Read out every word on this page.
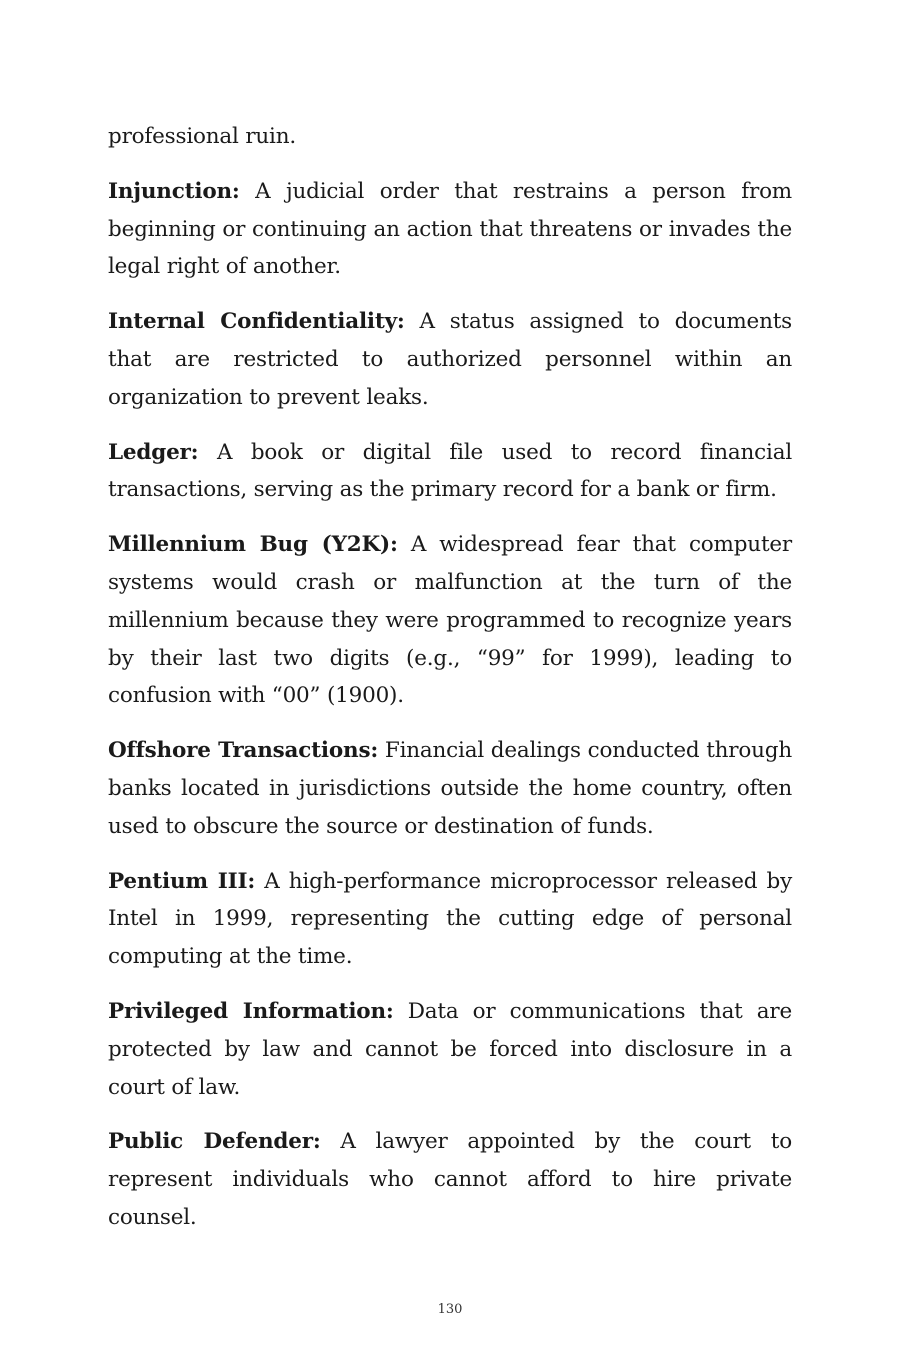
professional ruin.

Injunction: A judicial order that restrains a person from beginning or continuing an action that threatens or invades the legal right of another.

Internal Confidentiality: A status assigned to documents that are restricted to authorized personnel within an organization to prevent leaks.

Ledger: A book or digital file used to record financial transactions, serving as the primary record for a bank or firm.

Millennium Bug (Y2K): A widespread fear that computer systems would crash or malfunction at the turn of the millennium because they were programmed to recognize years by their last two digits (e.g., “99” for 1999), leading to confusion with “00” (1900).

Offshore Transactions: Financial dealings conducted through banks located in jurisdictions outside the home country, often used to obscure the source or destination of funds.

Pentium III: A high-performance microprocessor released by Intel in 1999, representing the cutting edge of personal computing at the time.

Privileged Information: Data or communications that are protected by law and cannot be forced into disclosure in a court of law.

Public Defender: A lawyer appointed by the court to represent individuals who cannot afford to hire private counsel.

130
